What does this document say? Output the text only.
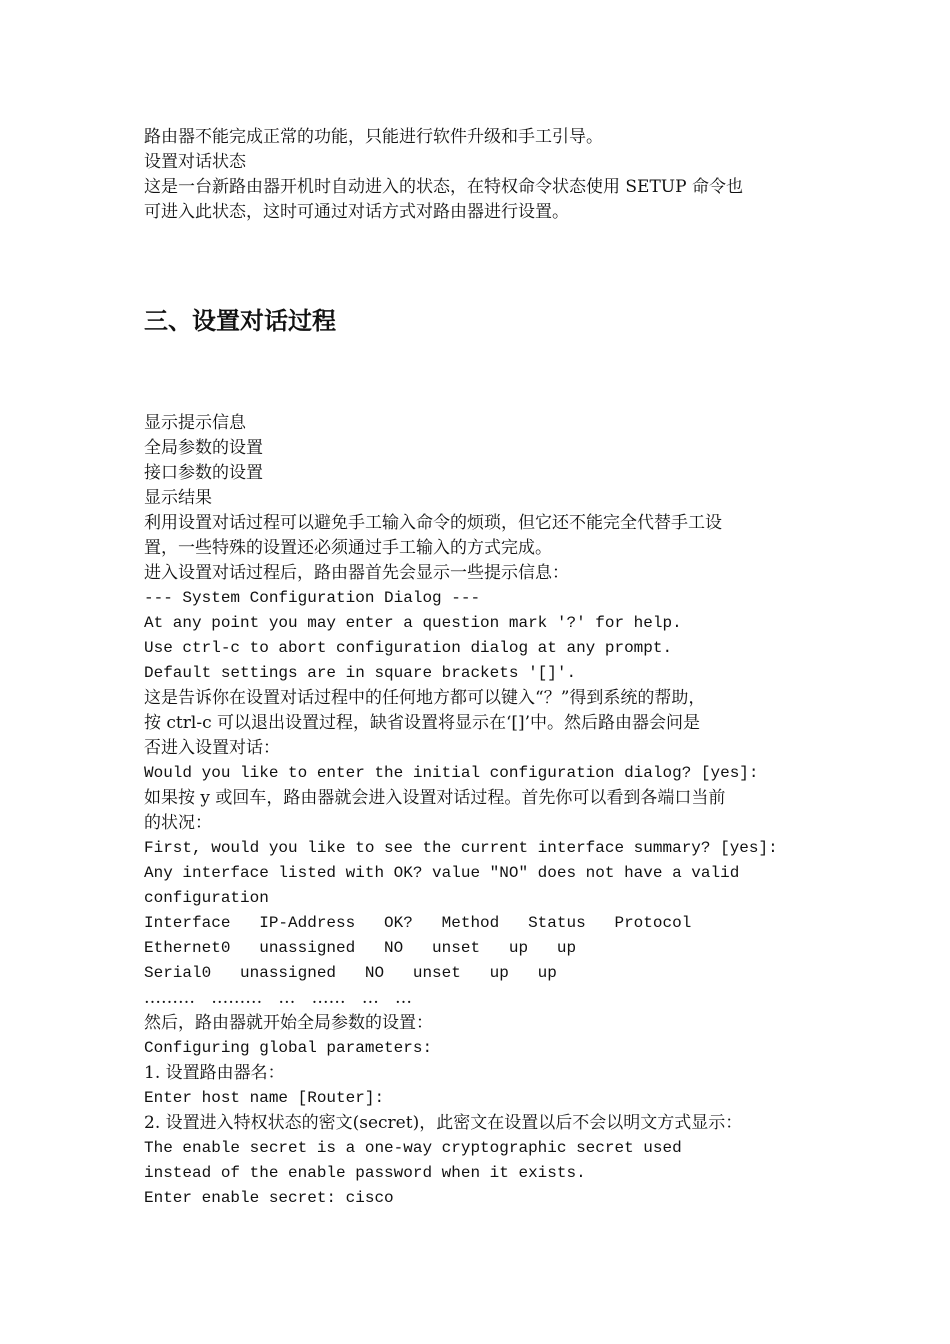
路由器不能完成正常的功能，只能进行软件升级和手工引导。
设置对话状态
这是一台新路由器开机时自动进入的状态，在特权命令状态使用 SETUP 命令也
可进入此状态，这时可通过对话方式对路由器进行设置。
三、设置对话过程
显示提示信息
全局参数的设置
接口参数的设置
显示结果
利用设置对话过程可以避免手工输入命令的烦琐，但它还不能完全代替手工设
置，一些特殊的设置还必须通过手工输入的方式完成。
进入设置对话过程后，路由器首先会显示一些提示信息：
--- System Configuration Dialog ---
At any point you may enter a question mark '?' for help.
Use ctrl-c to abort configuration dialog at any prompt.
Default settings are in square brackets '[]'.
这是告诉你在设置对话过程中的任何地方都可以键入“？”得到系统的帮助，
按 ctrl-c 可以退出设置过程，缺省设置将显示在‘[]’中。然后路由器会问是
否进入设置对话：
Would you like to enter the initial configuration dialog? [yes]:
如果按 y 或回车，路由器就会进入设置对话过程。首先你可以看到各端口当前
的状况：
First, would you like to see the current interface summary? [yes]:
Any interface listed with OK? value "NO" does not have a valid
configuration
Interface   IP-Address   OK?   Method   Status   Protocol
Ethernet0   unassigned   NO   unset   up   up
Serial0   unassigned   NO   unset   up   up
………   ………   …   ……   …   …
然后，路由器就开始全局参数的设置：
Configuring global parameters:
1. 设置路由器名：
Enter host name [Router]:
2. 设置进入特权状态的密文(secret)，此密文在设置以后不会以明文方式显示：
The enable secret is a one-way cryptographic secret used
instead of the enable password when it exists.
Enter enable secret: cisco
